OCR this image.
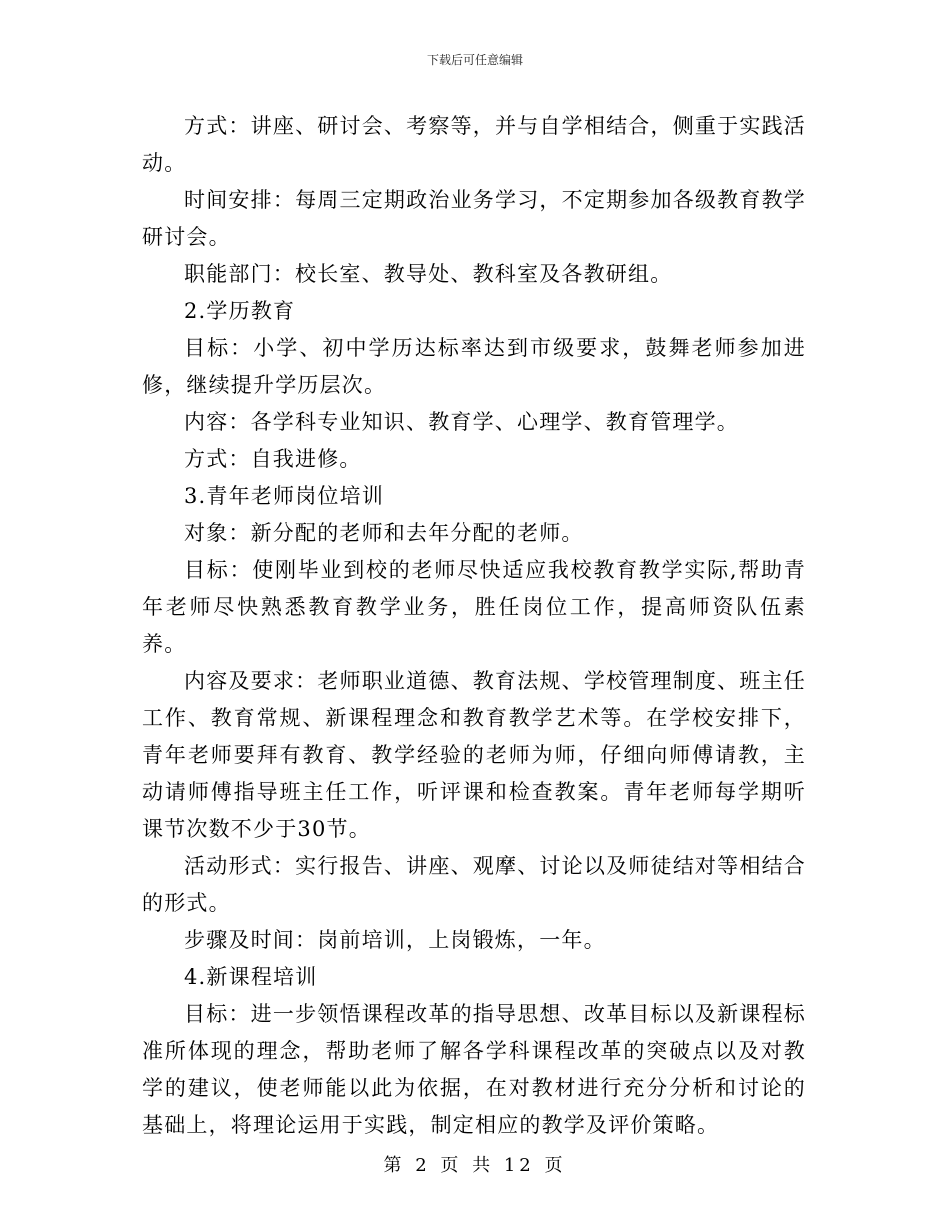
下载后可任意编辑

方式：讲座、研讨会、考察等，并与自学相结合，侧重于实践活动。

时间安排：每周三定期政治业务学习，不定期参加各级教育教学研讨会。

职能部门：校长室、教导处、教科室及各教研组。

2.学历教育

目标：小学、初中学历达标率达到市级要求，鼓舞老师参加进修，继续提升学历层次。

内容：各学科专业知识、教育学、心理学、教育管理学。

方式：自我进修。

3.青年老师岗位培训

对象：新分配的老师和去年分配的老师。

目标：使刚毕业到校的老师尽快适应我校教育教学实际,帮助青年老师尽快熟悉教育教学业务，胜任岗位工作，提高师资队伍素养。

内容及要求：老师职业道德、教育法规、学校管理制度、班主任工作、教育常规、新课程理念和教育教学艺术等。在学校安排下，青年老师要拜有教育、教学经验的老师为师，仔细向师傅请教，主动请师傅指导班主任工作，听评课和检查教案。青年老师每学期听课节次数不少于30节。

活动形式：实行报告、讲座、观摩、讨论以及师徒结对等相结合的形式。

步骤及时间：岗前培训，上岗锻炼，一年。

4.新课程培训

目标：进一步领悟课程改革的指导思想、改革目标以及新课程标准所体现的理念，帮助老师了解各学科课程改革的突破点以及对教学的建议，使老师能以此为依据，在对教材进行充分分析和讨论的基础上，将理论运用于实践，制定相应的教学及评价策略。

第 2 页 共 12 页
